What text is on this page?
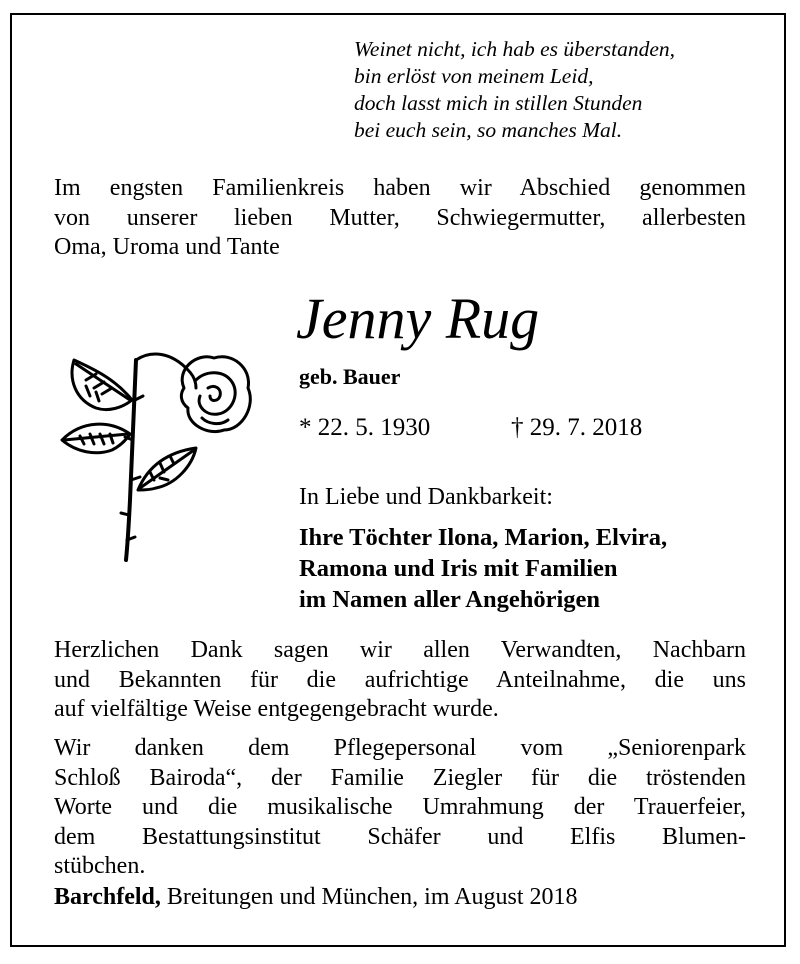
Weinet nicht, ich hab es überstanden,
bin erlöst von meinem Leid,
doch lasst mich in stillen Stunden
bei euch sein, so manches Mal.
Im engsten Familienkreis haben wir Abschied genommen
von unserer lieben Mutter, Schwiegermutter, allerbesten
Oma, Uroma und Tante
Jenny Rug
geb. Bauer
* 22. 5. 1930	† 29. 7. 2018
In Liebe und Dankbarkeit:
Ihre Töchter Ilona, Marion, Elvira,
Ramona und Iris mit Familien
im Namen aller Angehörigen
Herzlichen Dank sagen wir allen Verwandten, Nachbarn
und Bekannten für die aufrichtige Anteilnahme, die uns
auf vielfältige Weise entgegengebracht wurde.
Wir danken dem Pflegepersonal vom „Seniorenpark
Schloß Bairoda“, der Familie Ziegler für die tröstenden
Worte und die musikalische Umrahmung der Trauerfeier,
dem Bestattungsinstitut Schäfer und Elfis Blumen-
stübchen.
Barchfeld, Breitungen und München, im August 2018
